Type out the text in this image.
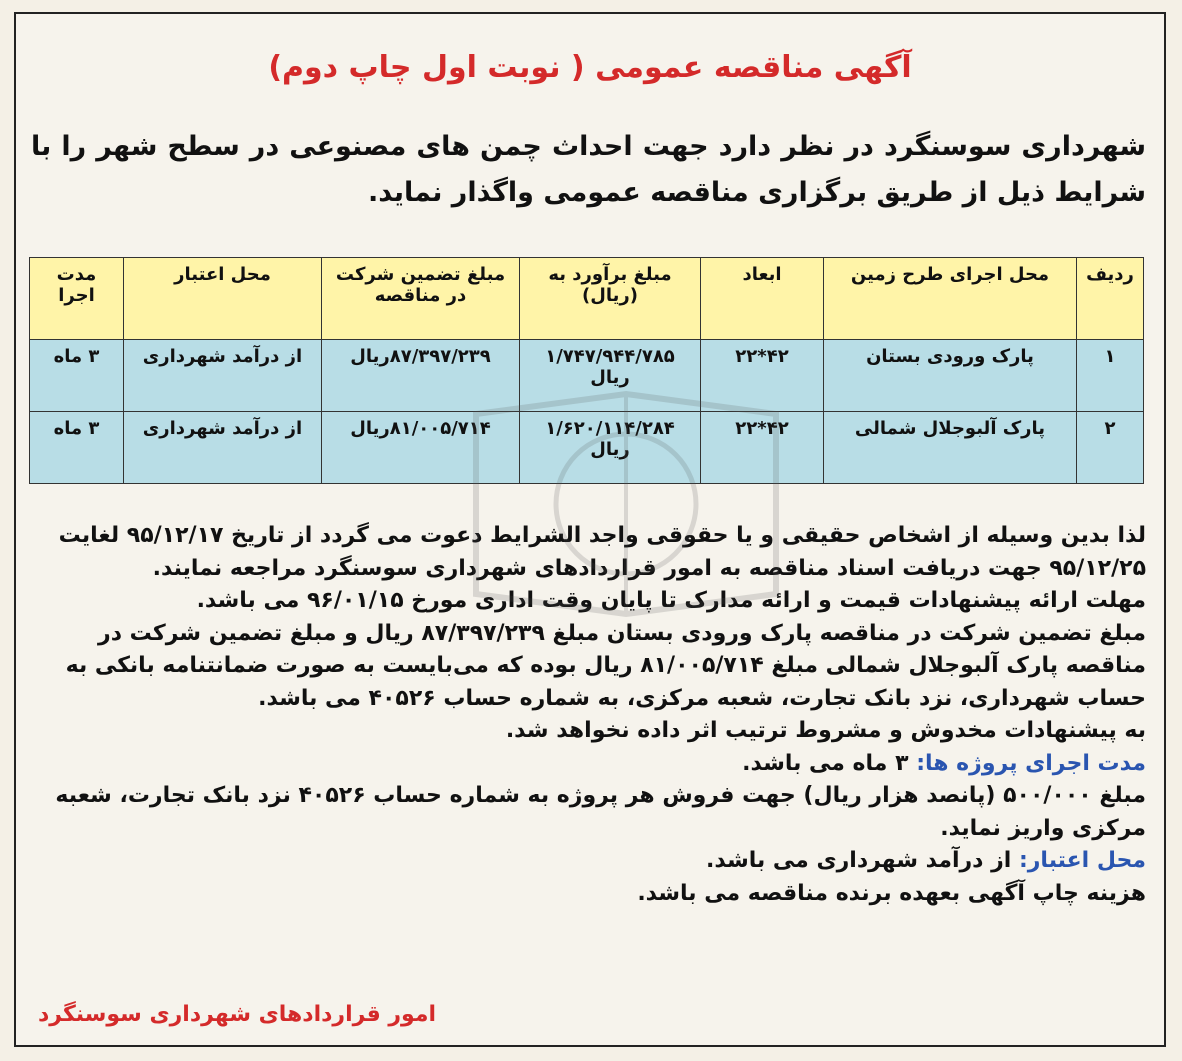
آگهی مناقصه عمومی ( نوبت اول چاپ دوم)
شهرداری سوسنگرد در نظر دارد جهت احداث چمن های مصنوعی در سطح شهر را با شرایط ذیل از طریق برگزاری مناقصه عمومی واگذار نماید.
ردیف	محل اجرای طرح زمین	ابعاد	مبلغ برآورد به (ریال)	مبلغ تضمین شرکت در مناقصه	محل اعتبار	مدت اجرا
۱	پارک ورودی بستان	۴۲*۲۲	۱/۷۴۷/۹۴۴/۷۸۵ ریال	۸۷/۳۹۷/۲۳۹ریال	از درآمد شهرداری	۳ ماه
۲	پارک آلبوجلال شمالی	۴۲*۲۲	۱/۶۲۰/۱۱۴/۲۸۴ ریال	۸۱/۰۰۵/۷۱۴ریال	از درآمد شهرداری	۳ ماه

لذا بدین وسیله از اشخاص حقیقی و یا حقوقی واجد الشرایط دعوت می گردد از تاریخ ۹۵/۱۲/۱۷ لغایت ۹۵/۱۲/۲۵ جهت دریافت اسناد مناقصه به امور قراردادهای شهرداری سوسنگرد مراجعه نمایند.

مهلت ارائه پیشنهادات قیمت و ارائه مدارک تا پایان وقت اداری مورخ ۹۶/۰۱/۱۵ می باشد.

مبلغ تضمین شرکت در مناقصه پارک ورودی بستان مبلغ ۸۷/۳۹۷/۲۳۹ ریال و مبلغ تضمین شرکت در مناقصه پارک آلبوجلال شمالی مبلغ ۸۱/۰۰۵/۷۱۴ ریال بوده که می‌بایست به صورت ضمانتنامه بانکی به حساب شهرداری، نزد بانک تجارت، شعبه مرکزی، به شماره حساب ۴۰۵۲۶ می باشد.

به پیشنهادات مخدوش و مشروط ترتیب اثر داده نخواهد شد.

مدت اجرای پروژه ها: ۳ ماه می باشد.

مبلغ ۵۰۰/۰۰۰ (پانصد هزار ریال) جهت فروش هر پروژه به شماره حساب ۴۰۵۲۶ نزد بانک تجارت، شعبه مرکزی واریز نماید.

محل اعتبار: از درآمد شهرداری می باشد.

هزینه چاپ آگهی بعهده برنده مناقصه می باشد.

امور قراردادهای شهرداری سوسنگرد
